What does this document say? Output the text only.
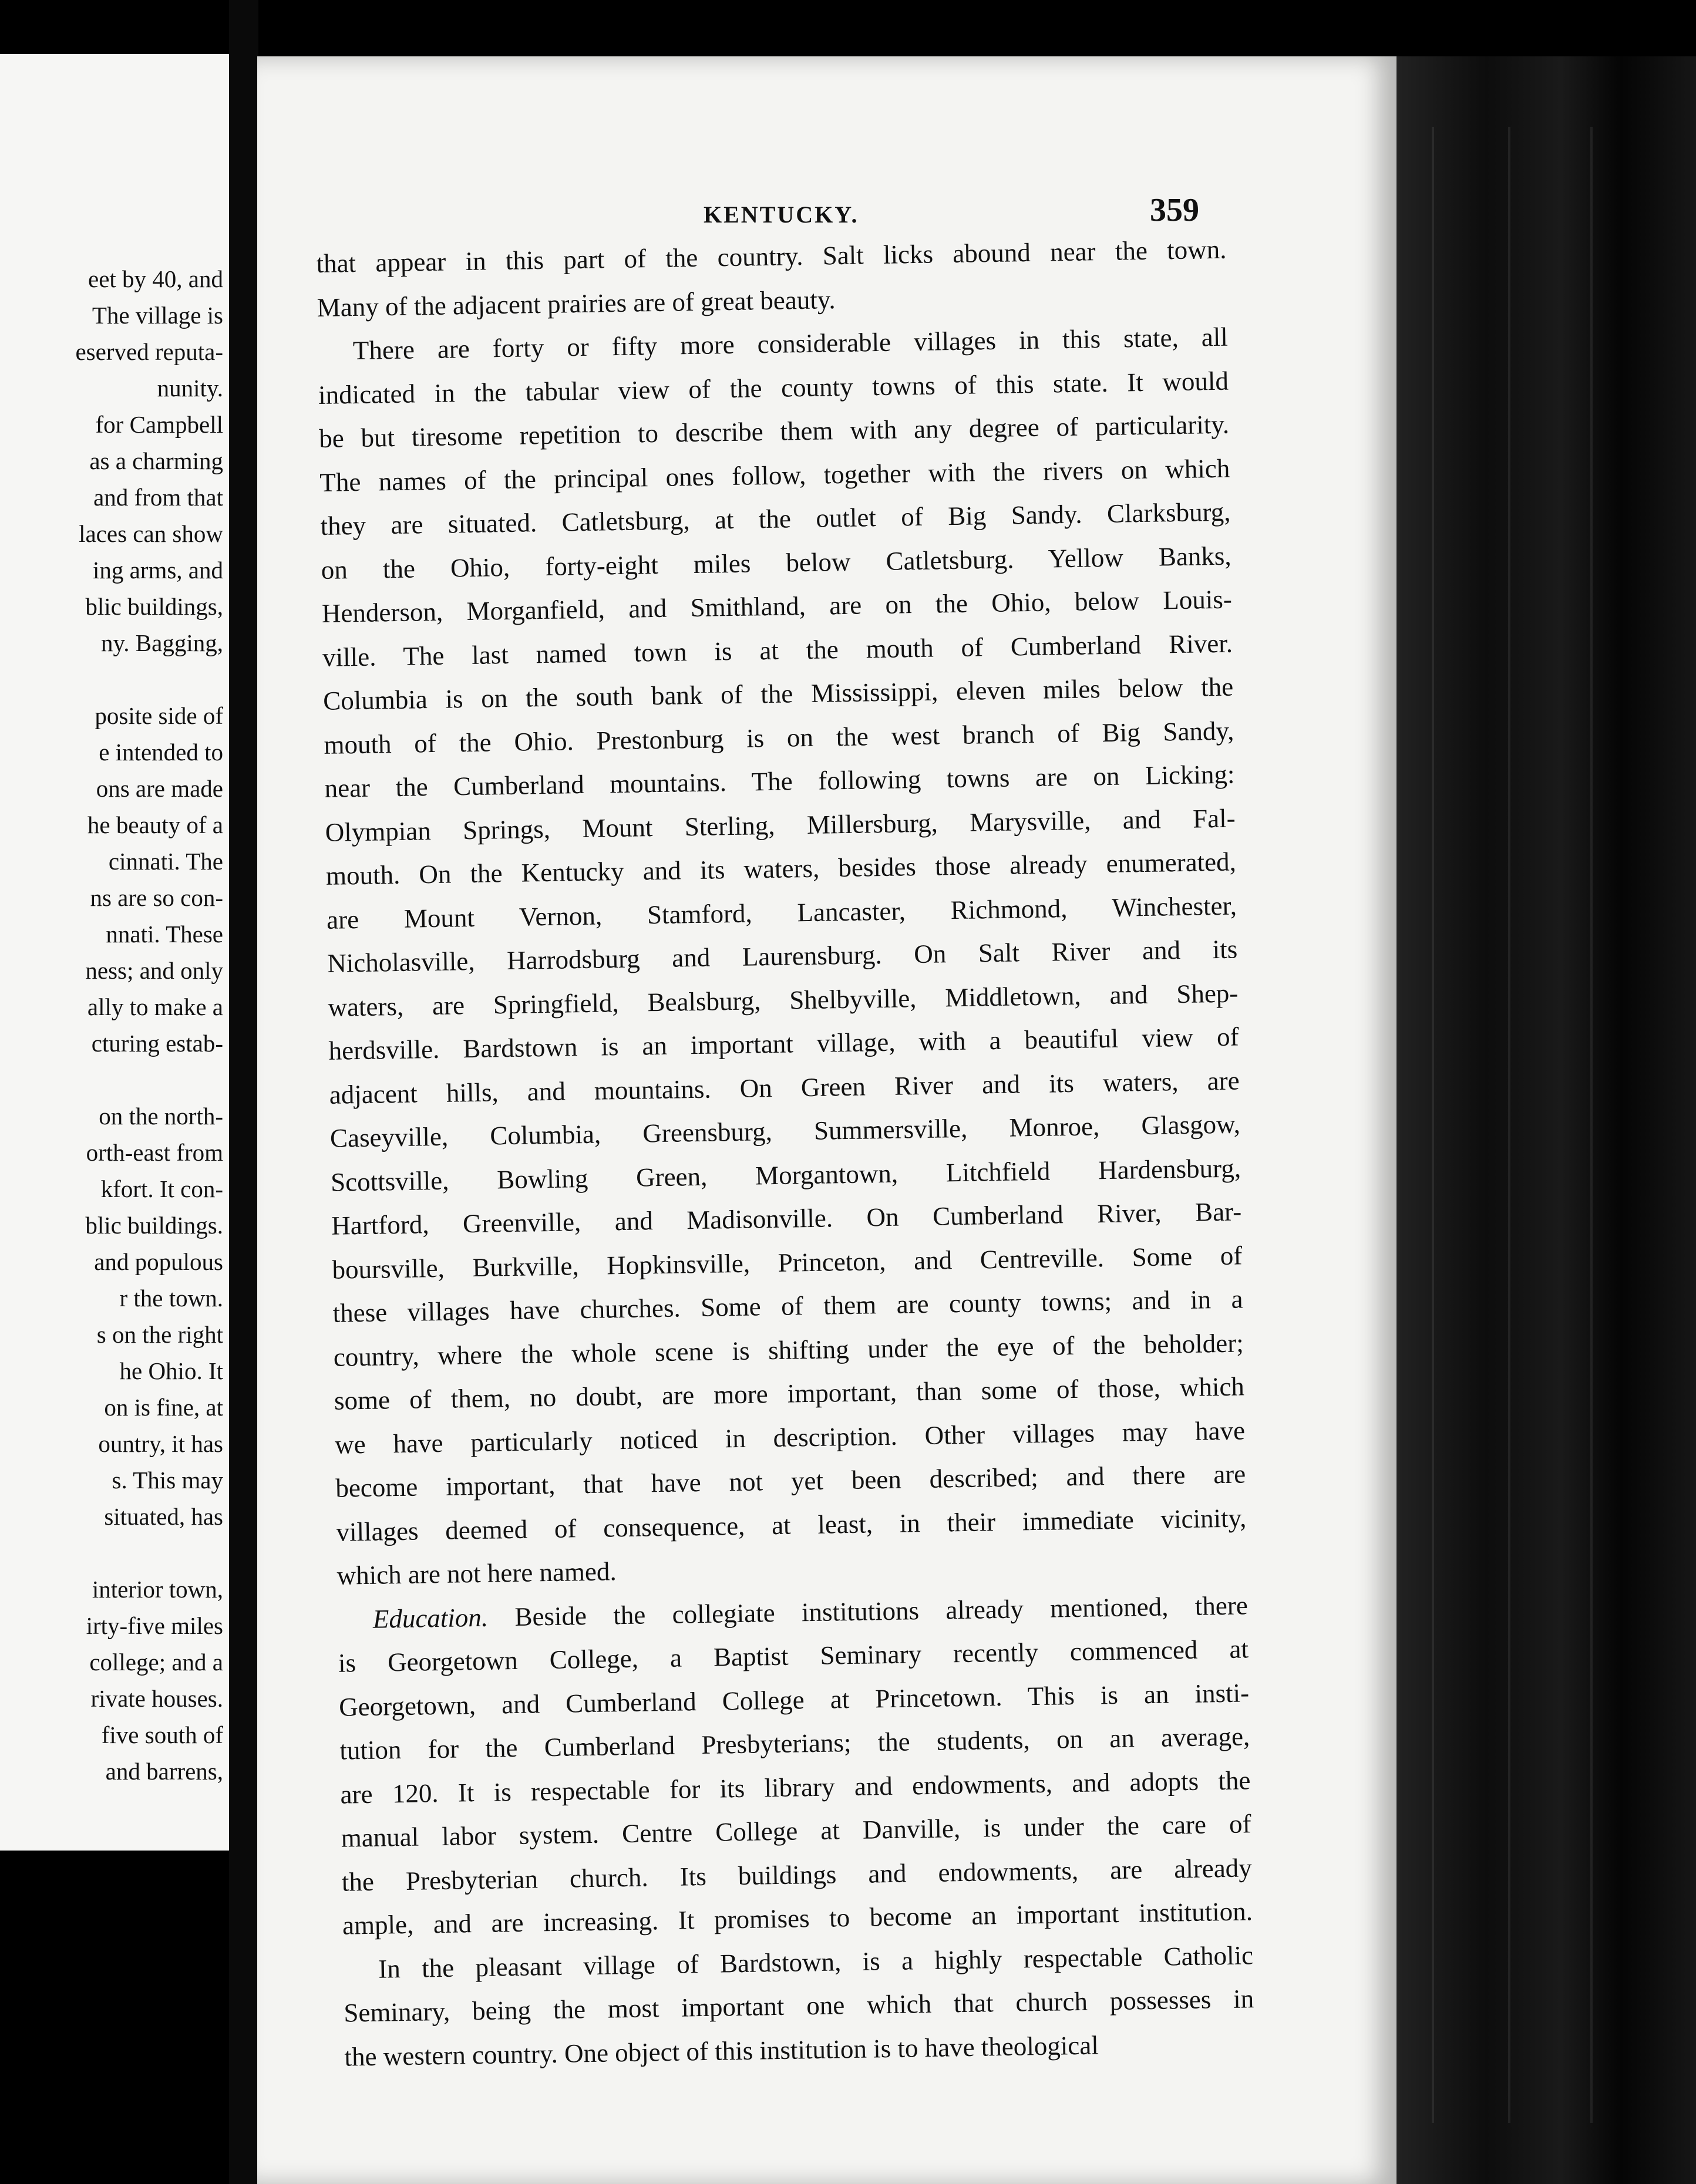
eet by 40, and
The village is
eserved reputa-
nunity.
for Campbell
as a charming
and from that
laces can show
ing arms, and
blic buildings,
ny. Bagging,
posite side of
e intended to
ons are made
he beauty of a
cinnati. The
ns are so con-
nnati. These
ness; and only
ally to make a
cturing estab-
on the north-
orth-east from
kfort. It con-
blic buildings.
and populous
r the town.
s on the right
he Ohio. It
on is fine, at
ountry, it has
s. This may
situated, has
interior town,
irty-five miles
college; and a
rivate houses.
five south of
and barrens,
KENTUCKY.	359
that appear in this part of the country. Salt licks abound near the town.
Many of the adjacent prairies are of great beauty.
There are forty or fifty more considerable villages in this state, all
indicated in the tabular view of the county towns of this state. It would
be but tiresome repetition to describe them with any degree of particularity.
The names of the principal ones follow, together with the rivers on which
they are situated. Catletsburg, at the outlet of Big Sandy. Clarksburg,
on the Ohio, forty-eight miles below Catletsburg. Yellow Banks,
Henderson, Morganfield, and Smithland, are on the Ohio, below Louis-
ville. The last named town is at the mouth of Cumberland River.
Columbia is on the south bank of the Mississippi, eleven miles below the
mouth of the Ohio. Prestonburg is on the west branch of Big Sandy,
near the Cumberland mountains. The following towns are on Licking:
Olympian Springs, Mount Sterling, Millersburg, Marysville, and Fal-
mouth. On the Kentucky and its waters, besides those already enumerated,
are Mount Vernon, Stamford, Lancaster, Richmond, Winchester,
Nicholasville, Harrodsburg and Laurensburg. On Salt River and its
waters, are Springfield, Bealsburg, Shelbyville, Middletown, and Shep-
herdsville. Bardstown is an important village, with a beautiful view of
adjacent hills, and mountains. On Green River and its waters, are
Caseyville, Columbia, Greensburg, Summersville, Monroe, Glasgow,
Scottsville, Bowling Green, Morgantown, Litchfield Hardensburg,
Hartford, Greenville, and Madisonville. On Cumberland River, Bar-
boursville, Burkville, Hopkinsville, Princeton, and Centreville. Some of
these villages have churches. Some of them are county towns; and in a
country, where the whole scene is shifting under the eye of the beholder;
some of them, no doubt, are more important, than some of those, which
we have particularly noticed in description. Other villages may have
become important, that have not yet been described; and there are
villages deemed of consequence, at least, in their immediate vicinity,
which are not here named.
Education. Beside the collegiate institutions already mentioned, there
is Georgetown College, a Baptist Seminary recently commenced at
Georgetown, and Cumberland College at Princetown. This is an insti-
tution for the Cumberland Presbyterians; the students, on an average,
are 120. It is respectable for its library and endowments, and adopts the
manual labor system. Centre College at Danville, is under the care of
the Presbyterian church. Its buildings and endowments, are already
ample, and are increasing. It promises to become an important institution.
In the pleasant village of Bardstown, is a highly respectable Catholic
Seminary, being the most important one which that church possesses in
the western country. One object of this institution is to have theological
